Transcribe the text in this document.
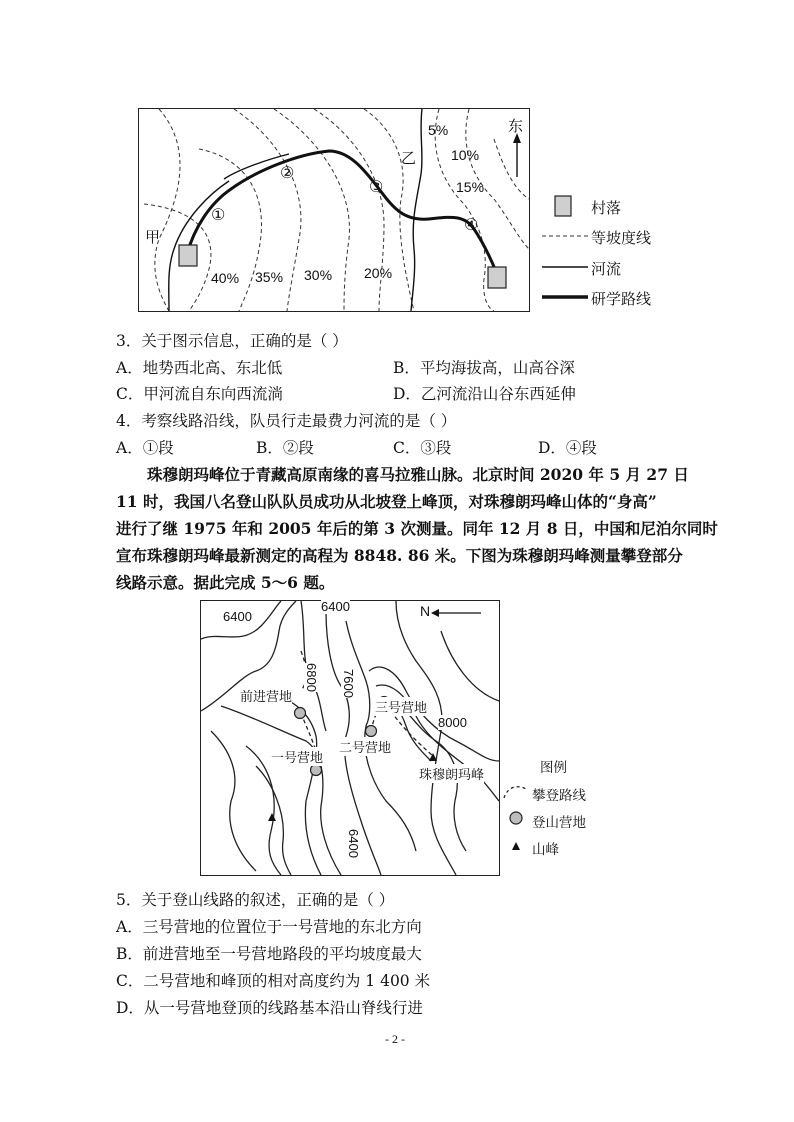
5%
10%
15%
20%
30%
35%
40%
甲
乙
东
①
②
③
④
村落
等坡度线
河流
研学路线
3．关于图示信息，正确的是（ ）
A．地势西北高、东北低	B．平均海拔高，山高谷深
C．甲河流自东向西流淌	D．乙河流沿山谷东西延伸
4．考察线路沿线，队员行走最费力河流的是（ ）
A．①段	B．②段	C．③段	D．④段
珠穆朗玛峰位于青藏高原南缘的喜马拉雅山脉。北京时间 2020 年 5 月 27 日
11 时，我国八名登山队队员成功从北坡登上峰顶，对珠穆朗玛峰山体的“身高”
进行了继 1975 年和 2005 年后的第 3 次测量。同年 12 月 8 日，中国和尼泊尔同时
宣布珠穆朗玛峰最新测定的高程为 8848. 86 米。下图为珠穆朗玛峰测量攀登部分
线路示意。据此完成 5～6 题。
6400
6400
6800 7600
8000
6400
N
前进营地
一号营地
二号营地
三号营地
珠穆朗玛峰	图例
攀登路线
登山营地
山峰
5．关于登山线路的叙述，正确的是（ ）
A．三号营地的位置位于一号营地的东北方向
B．前进营地至一号营地路段的平均坡度最大
C．二号营地和峰顶的相对高度约为 1 400 米
D．从一号营地登顶的线路基本沿山脊线行进
- 2 -
